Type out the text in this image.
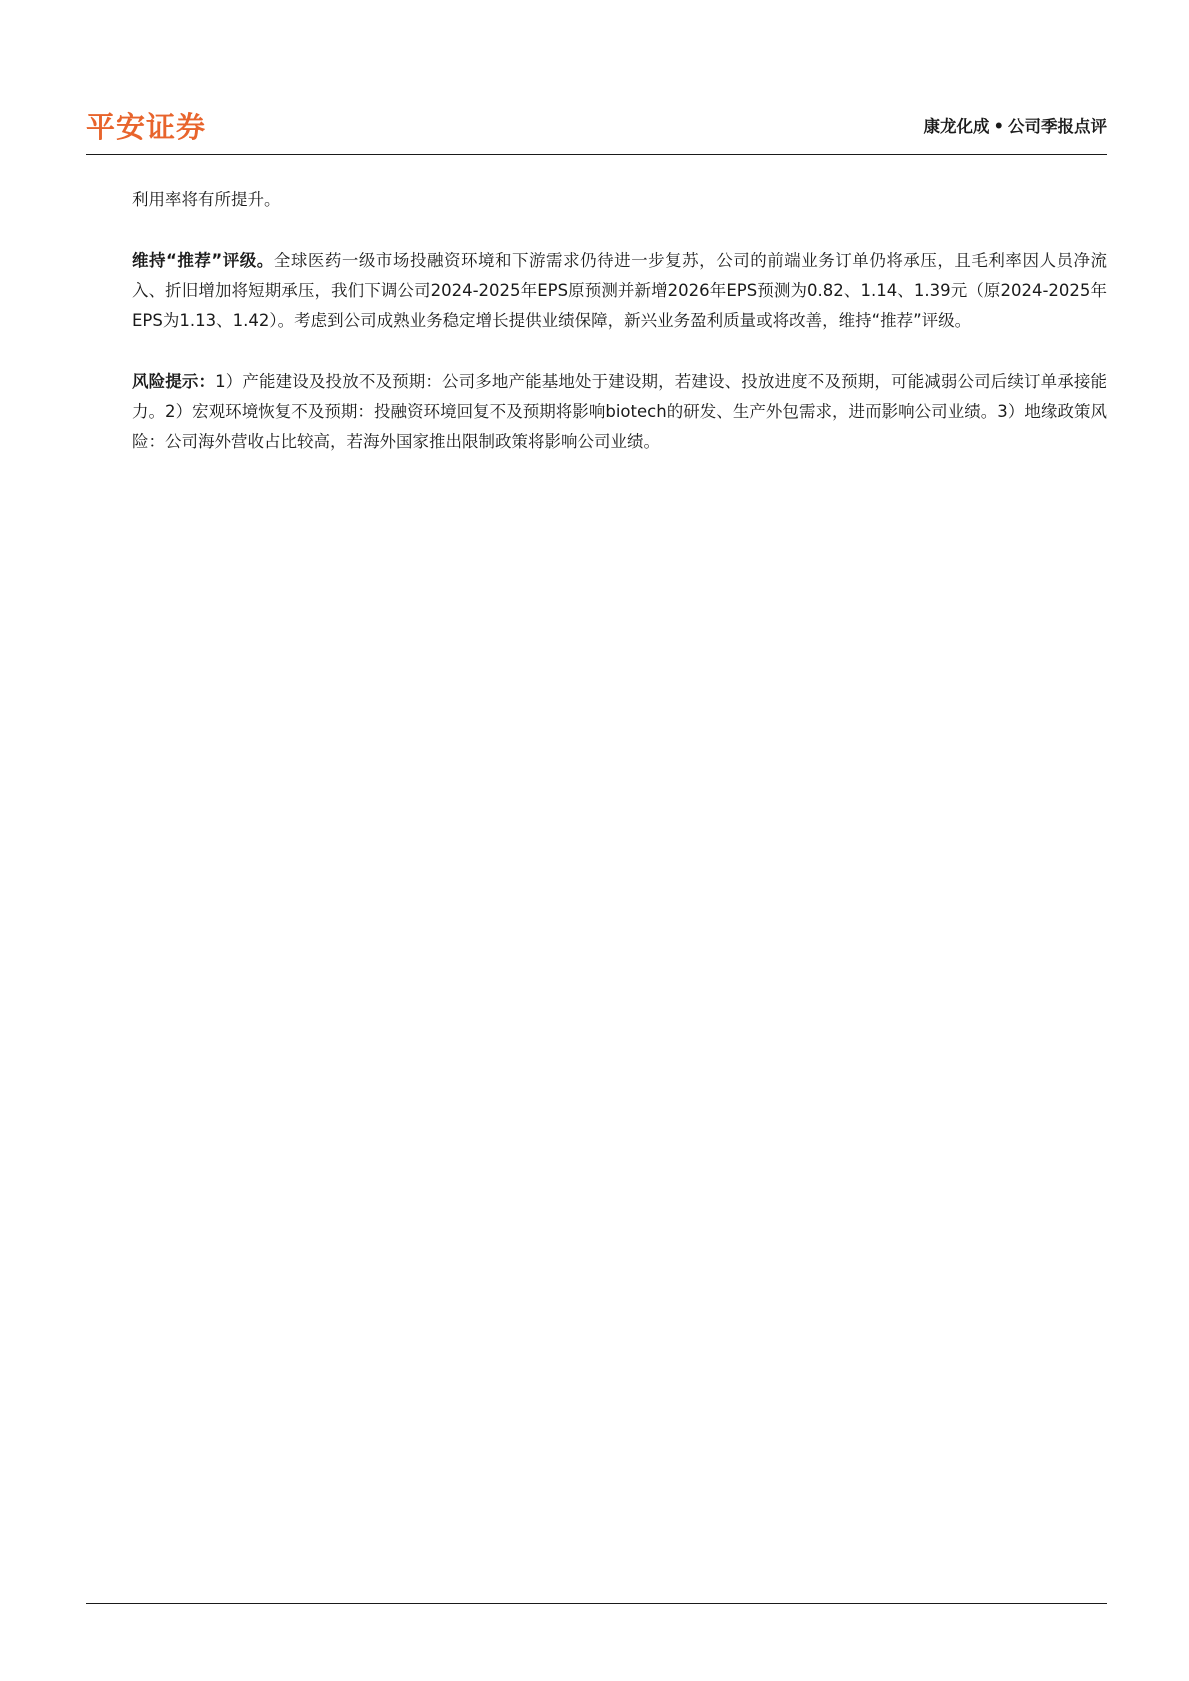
平安证券	康龙化成 • 公司季报点评

利用率将有所提升。

维持“推荐”评级。全球医药一级市场投融资环境和下游需求仍待进一步复苏，公司的前端业务订单仍将承压，且毛利率因人员净流入、折旧增加将短期承压，我们下调公司2024-2025年EPS原预测并新增2026年EPS预测为0.82、1.14、1.39元（原2024-2025年EPS为1.13、1.42）。考虑到公司成熟业务稳定增长提供业绩保障，新兴业务盈利质量或将改善，维持“推荐”评级。

风险提示：1）产能建设及投放不及预期：公司多地产能基地处于建设期，若建设、投放进度不及预期，可能减弱公司后续订单承接能力。2）宏观环境恢复不及预期：投融资环境回复不及预期将影响biotech的研发、生产外包需求，进而影响公司业绩。3）地缘政策风险：公司海外营收占比较高，若海外国家推出限制政策将影响公司业绩。
